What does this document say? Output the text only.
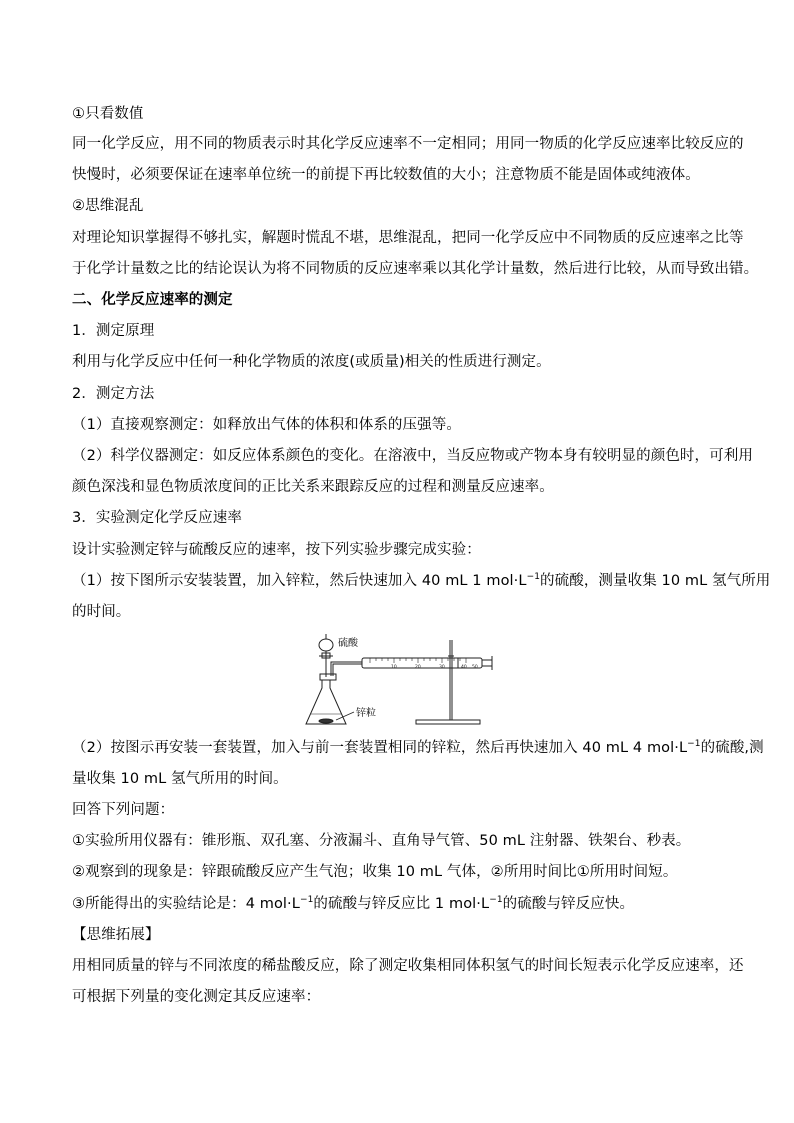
①只看数值
同一化学反应，用不同的物质表示时其化学反应速率不一定相同；用同一物质的化学反应速率比较反应的
快慢时，必须要保证在速率单位统一的前提下再比较数值的大小；注意物质不能是固体或纯液体。
②思维混乱
对理论知识掌握得不够扎实，解题时慌乱不堪，思维混乱，把同一化学反应中不同物质的反应速率之比等
于化学计量数之比的结论误认为将不同物质的反应速率乘以其化学计量数，然后进行比较，从而导致出错。
二、化学反应速率的测定
1．测定原理
利用与化学反应中任何一种化学物质的浓度(或质量)相关的性质进行测定。
2．测定方法
（1）直接观察测定：如释放出气体的体积和体系的压强等。
（2）科学仪器测定：如反应体系颜色的变化。在溶液中，当反应物或产物本身有较明显的颜色时，可利用
颜色深浅和显色物质浓度间的正比关系来跟踪反应的过程和测量反应速率。
3．实验测定化学反应速率
设计实验测定锌与硫酸反应的速率，按下列实验步骤完成实验：
（1）按下图所示安装装置，加入锌粒，然后快速加入 40 mL 1 $mol\cdot L^{-1}$的硫酸，测量收集 10 mL 氢气所用
的时间。
10	20	30	40 50
硫酸
锌粒
（2）按图示再安装一套装置，加入与前一套装置相同的锌粒，然后再快速加入 40 mL 4 $mol\cdot L^{-1}$的硫酸,测
量收集 10 mL 氢气所用的时间。
回答下列问题：
①实验所用仪器有：锥形瓶、双孔塞、分液漏斗、直角导气管、50 mL 注射器、铁架台、秒表。
②观察到的现象是：锌跟硫酸反应产生气泡；收集 10 mL 气体，②所用时间比①所用时间短。
③所能得出的实验结论是：4 $mol\cdot L^{-1}$的硫酸与锌反应比 1 $mol\cdot L^{-1}$的硫酸与锌反应快。
【思维拓展】
用相同质量的锌与不同浓度的稀盐酸反应，除了测定收集相同体积氢气的时间长短表示化学反应速率，还
可根据下列量的变化测定其反应速率：
